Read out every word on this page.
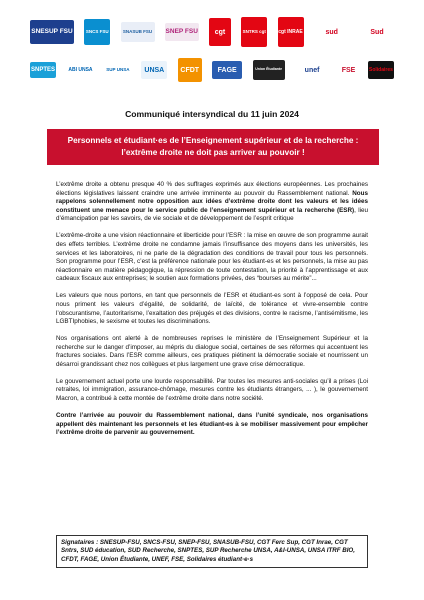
SNESUP FSU	SNCS FSU	SNASUB FSU SNEP FSU cgt	SNTRS cgt cgt INRAE	sud	Sud
SNPTES	ABI UNSA	SUP UNSA UNSA CFDT	FAGE	Union Étudiante	unef	FSE	Solidaires
Communiqué intersyndical du 11 juin 2024
Personnels et étudiant·es de l’Enseignement supérieur et de la recherche :
l’extrême droite ne doit pas arriver au pouvoir !

L’extrême droite a obtenu presque 40 % des suffrages exprimés aux élections européennes. Les prochaines élections législatives laissent craindre une arrivée imminente au pouvoir du Rassemblement national. Nous rappelons solennellement notre opposition aux idées d’extrême droite dont les valeurs et les idées constituent une menace pour le service public de l’enseignement supérieur et la recherche (ESR), lieu d’émancipation par les savoirs, de vie sociale et de développement de l’esprit critique

L’extrême-droite a une vision réactionnaire et liberticide pour l’ESR : la mise en œuvre de son programme aurait des effets terribles. L’extrême droite ne condamne jamais l’insuffisance des moyens dans les universités, les services et les laboratoires, ni ne parle de la dégradation des conditions de travail pour tous les personnels. Son programme pour l’ESR, c’est la préférence nationale pour les étudiant-es et les personnels, la mise au pas réactionnaire en matière pédagogique, la répression de toute contestation, la priorité à l’apprentissage et aux cadeaux fiscaux aux entreprises; le soutien aux formations privées, des “bourses au mérite”...

Les valeurs que nous portons, en tant que personnels de l’ESR et étudiant-es sont à l’opposé de cela. Pour nous priment les valeurs d’égalité, de solidarité, de laïcité, de tolérance et vivre-ensemble contre l’obscurantisme, l’autoritarisme, l’exaltation des préjugés et des divisions, contre le racisme, l’antisémitisme, les LGBTIphobies, le sexisme et toutes les discriminations.

Nos organisations ont alerté à de nombreuses reprises le ministère de l’Enseignement Supérieur et la recherche sur le danger d’imposer, au mépris du dialogue social, certaines de ses réformes qui accentuent les fractures sociales. Dans l’ESR comme ailleurs, ces pratiques piétinent la démocratie sociale et nourrissent un désarroi grandissant chez nos collègues et plus largement une grave crise démocratique.

Le gouvernement actuel porte une lourde responsabilité. Par toutes les mesures anti-sociales qu’il a prises (Loi retraites, loi immigration, assurance-chômage, mesures contre les étudiants étrangers, ... ), le gouvernement Macron, a contribué à cette montée de l’extrême droite dans notre société.

Contre l’arrivée au pouvoir du Rassemblement national, dans l’unité syndicale, nos organisations appellent dès maintenant les personnels et les étudiant-es à se mobiliser massivement pour empêcher l’extrême droite de parvenir au gouvernement.

Signataires : SNESUP-FSU, SNCS-FSU, SNEP-FSU, SNASUB-FSU, CGT Ferc Sup, CGT Inrae, CGT Sntrs, SUD éducation, SUD Recherche, SNPTES, SUP Recherche UNSA, A&I-UNSA, UNSA ITRF BIO, CFDT, FAGE, Union Étudiante, UNEF, FSE, Solidaires étudiant·e·s
